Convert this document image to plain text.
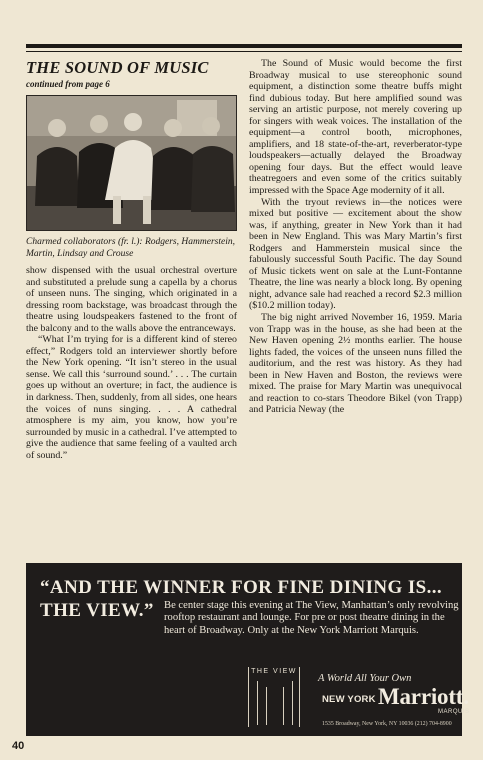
THE SOUND OF MUSIC
continued from page 6
Charmed collaborators (fr. l.): Rodgers, Hammerstein, Martin, Lindsay and Crouse

show dispensed with the usual orchestral overture and substituted a prelude sung a capella by a chorus of unseen nuns. The singing, which originated in a dressing room backstage, was broadcast through the theatre using loudspeakers fastened to the front of the balcony and to the walls above the entranceways.

“What I’m trying for is a different kind of stereo effect,” Rodgers told an interviewer shortly before the New York opening. “It isn’t stereo in the usual sense. We call this ‘surround sound.’ . . . The curtain goes up without an overture; in fact, the audience is in darkness. Then, suddenly, from all sides, one hears the voices of nuns singing. . . . A cathedral atmosphere is my aim, you know, how you’re surrounded by music in a cathedral. I’ve attempted to give the audience that same feeling of a vaulted arch of sound.”

The Sound of Music would become the first Broadway musical to use stereophonic sound equipment, a distinction some theatre buffs might find dubious today. But here amplified sound was serving an artistic purpose, not merely covering up for singers with weak voices. The installation of the equipment—a control booth, microphones, amplifiers, and 18 state-of-the-art, reverberator-type loudspeakers—actually delayed the Broadway opening four days. But the effect would leave theatregoers and even some of the critics suitably impressed with the Space Age modernity of it all.

With the tryout reviews in—the notices were mixed but positive — excitement about the show was, if anything, greater in New York than it had been in New England. This was Mary Martin’s first Rodgers and Hammerstein musical since the fabulously successful South Pacific. The day Sound of Music tickets went on sale at the Lunt-Fontanne Theatre, the line was nearly a block long. By opening night, advance sale had reached a record $2.3 million ($10.2 million today).

The big night arrived November 16, 1959. Maria von Trapp was in the house, as she had been at the New Haven opening 2½ months earlier. The house lights faded, the voices of the unseen nuns filled the auditorium, and the rest was history. As they had been in New Haven and Boston, the reviews were mixed. The praise for Mary Martin was unequivocal and reaction to co-stars Theodore Bikel (von Trapp) and Patricia Neway (the

“AND THE WINNER FOR FINE DINING IS...
THE VIEW.” Be center stage this evening at The View, Manhattan’s only revolving rooftop restaurant and lounge. For pre or post theatre dining in the heart of Broadway. Only at the New York Marriott Marquis.
THE VIEW
A World All Your Own
NEW YORK Marriott.
MARQUIS
1535 Broadway, New York, NY 10036 (212) 704-8900
40
